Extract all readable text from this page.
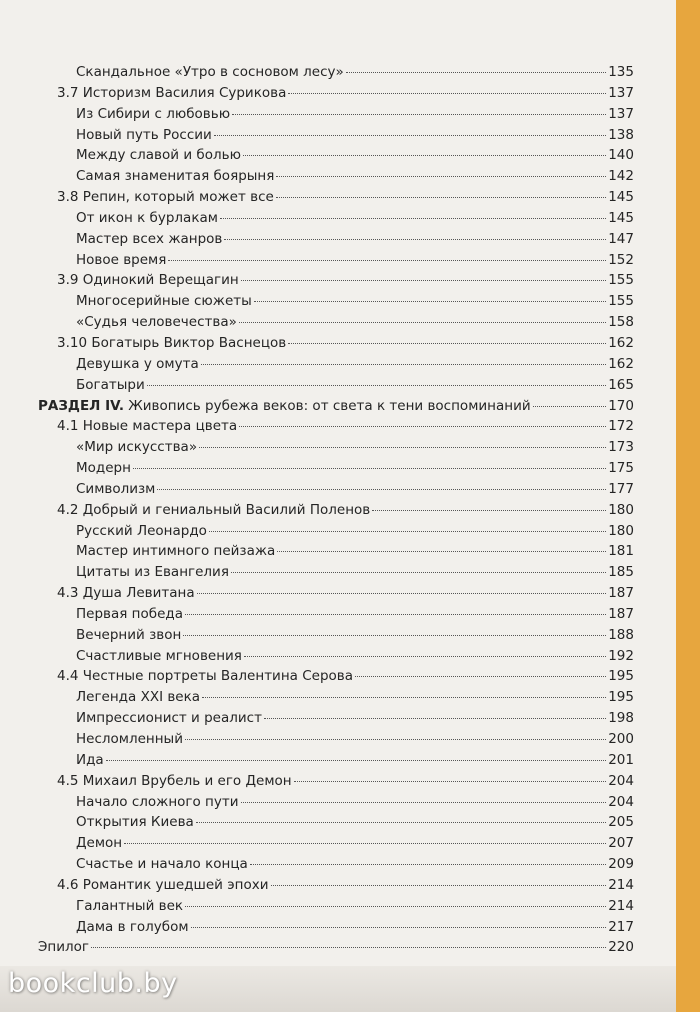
Скандальное «Утро в сосновом лесу»	135
3.7 Историзм Василия Сурикова	137
Из Сибири с любовью	137
Новый путь России	138
Между славой и болью	140
Самая знаменитая боярыня	142
3.8 Репин, который может все	145
От икон к бурлакам	145
Мастер всех жанров	147
Новое время	152
3.9 Одинокий Верещагин	155
Многосерийные сюжеты	155
«Судья человечества»	158
3.10 Богатырь Виктор Васнецов	162
Девушка у омута	162
Богатыри	165
РАЗДЕЛ IV. Живопись рубежа веков: от света к тени воспоминаний	170
4.1 Новые мастера цвета	172
«Мир искусства»	173
Модерн	175
Символизм	177
4.2 Добрый и гениальный Василий Поленов	180
Русский Леонардо	180
Мастер интимного пейзажа	181
Цитаты из Евангелия	185
4.3 Душа Левитана	187
Первая победа	187
Вечерний звон	188
Счастливые мгновения	192
4.4 Честные портреты Валентина Серова	195
Легенда XXI века	195
Импрессионист и реалист	198
Несломленный	200
Ида	201
4.5 Михаил Врубель и его Демон	204
Начало сложного пути	204
Открытия Киева	205
Демон	207
Счастье и начало конца	209
4.6 Романтик ушедшей эпохи	214
Галантный век	214
Дама в голубом	217
Эпилог	220
bookclub.by
